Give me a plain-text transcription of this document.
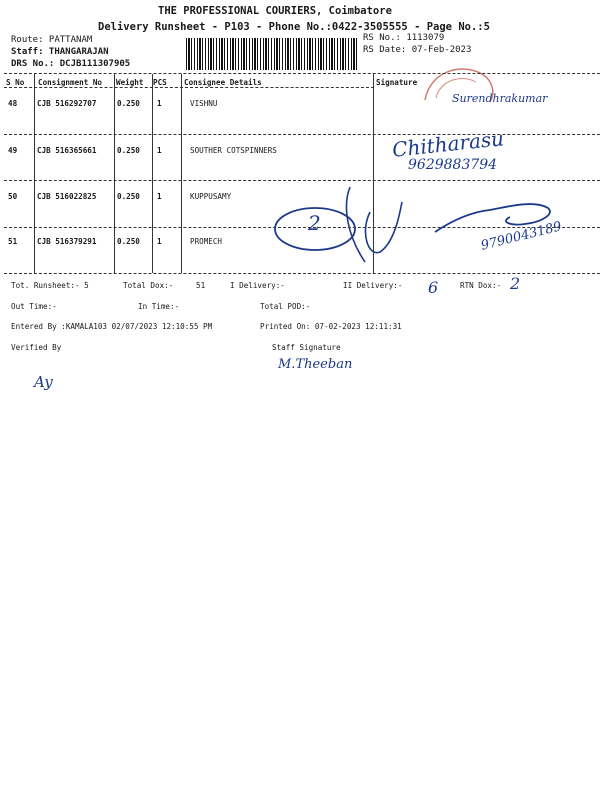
THE PROFESSIONAL COURIERS, Coimbatore
Delivery Runsheet - P103 - Phone No.:0422-3505555 - Page No.:5
Route: PATTANAM
Staff: THANGARAJAN
DRS No.: DCJB111307905
RS No.: 1113079
RS Date: 07-Feb-2023
S No Consignment No Weight PCS Consignee Details	Signature
48	CJB 516292707	0.250 1	VISHNU
49	CJB 516365661	0.250 1	SOUTHER COTSPINNERS
50	CJB 516022825	0.250 1	KUPPUSAMY
51	CJB 516379291	0.250 1	PROMECH
Surendhrakumar
Chitharasu
9629883794
2	9790043189
Tot. Runsheet:- 5	Total Dox:-	51	I Delivery:-	II Delivery:- 6	RTN Dox:- 2
Out Time:-	In Time:-	Total POD:-
Entered By :KAMALA103 02/07/2023 12:10:55 PM	Printed On: 07-02-2023 12:11:31
Verified By	Staff Signature
M.Theeban
Ay
